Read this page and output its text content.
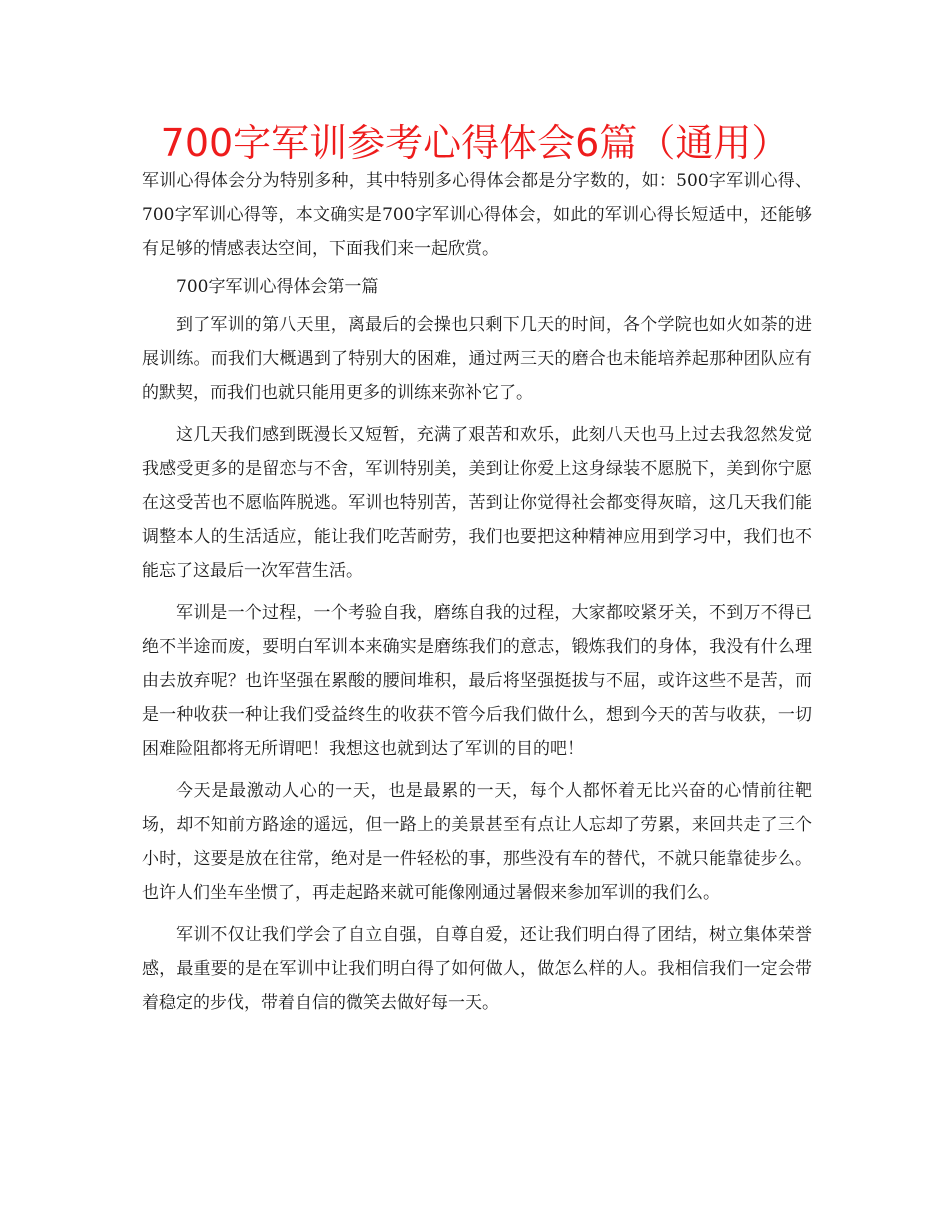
700字军训参考心得体会6篇（通用）

军训心得体会分为特别多种，其中特别多心得体会都是分字数的，如：500字军训心得、700字军训心得等，本文确实是700字军训心得体会，如此的军训心得长短适中，还能够有足够的情感表达空间，下面我们来一起欣赏。

700字军训心得体会第一篇

到了军训的第八天里，离最后的会操也只剩下几天的时间，各个学院也如火如荼的进展训练。而我们大概遇到了特别大的困难，通过两三天的磨合也未能培养起那种团队应有的默契，而我们也就只能用更多的训练来弥补它了。

这几天我们感到既漫长又短暂，充满了艰苦和欢乐，此刻八天也马上过去我忽然发觉我感受更多的是留恋与不舍，军训特别美，美到让你爱上这身绿装不愿脱下，美到你宁愿在这受苦也不愿临阵脱逃。军训也特别苦，苦到让你觉得社会都变得灰暗，这几天我们能调整本人的生活适应，能让我们吃苦耐劳，我们也要把这种精神应用到学习中，我们也不能忘了这最后一次军营生活。

军训是一个过程，一个考验自我，磨练自我的过程，大家都咬紧牙关，不到万不得已绝不半途而废，要明白军训本来确实是磨练我们的意志，锻炼我们的身体，我没有什么理由去放弃呢？也许坚强在累酸的腰间堆积，最后将坚强挺拔与不屈，或许这些不是苦，而是一种收获一种让我们受益终生的收获不管今后我们做什么，想到今天的苦与收获，一切困难险阻都将无所谓吧！我想这也就到达了军训的目的吧！

今天是最激动人心的一天，也是最累的一天，每个人都怀着无比兴奋的心情前往靶场，却不知前方路途的遥远，但一路上的美景甚至有点让人忘却了劳累，来回共走了三个小时，这要是放在往常，绝对是一件轻松的事，那些没有车的替代，不就只能靠徒步么。也许人们坐车坐惯了，再走起路来就可能像刚通过暑假来参加军训的我们么。

军训不仅让我们学会了自立自强，自尊自爱，还让我们明白得了团结，树立集体荣誉感，最重要的是在军训中让我们明白得了如何做人，做怎么样的人。我相信我们一定会带着稳定的步伐，带着自信的微笑去做好每一天。
